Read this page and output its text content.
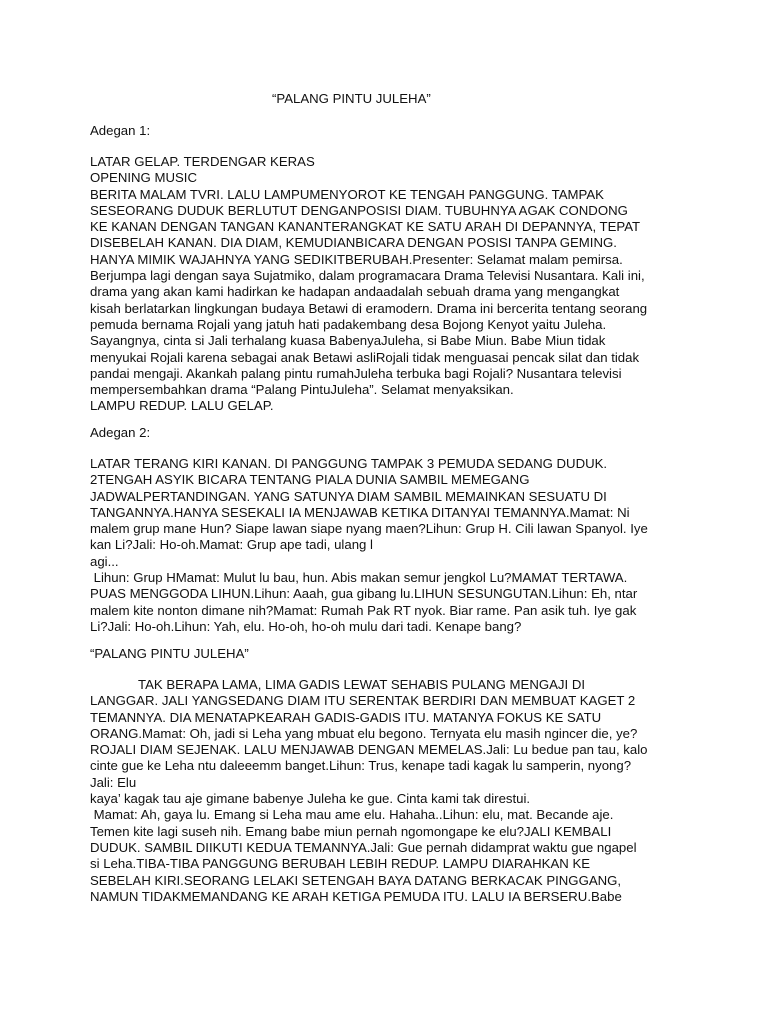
“PALANG PINTU JULEHA”
Adegan 1:
LATAR GELAP. TERDENGAR KERAS
OPENING MUSIC
BERITA MALAM TVRI. LALU LAMPUMENYOROT KE TENGAH PANGGUNG. TAMPAK
SESEORANG DUDUK BERLUTUT DENGANPOSISI DIAM. TUBUHNYA AGAK CONDONG
KE KANAN DENGAN TANGAN KANANTERANGKAT KE SATU ARAH DI DEPANNYA, TEPAT
DISEBELAH KANAN. DIA DIAM, KEMUDIANBICARA DENGAN POSISI TANPA GEMING.
HANYA MIMIK WAJAHNYA YANG SEDIKITBERUBAH.Presenter: Selamat malam pemirsa.
Berjumpa lagi dengan saya Sujatmiko, dalam programacara Drama Televisi Nusantara. Kali ini,
drama yang akan kami hadirkan ke hadapan andaadalah sebuah drama yang mengangkat
kisah berlatarkan lingkungan budaya Betawi di eramodern. Drama ini bercerita tentang seorang
pemuda bernama Rojali yang jatuh hati padakembang desa Bojong Kenyot yaitu Juleha.
Sayangnya, cinta si Jali terhalang kuasa BabenyaJuleha, si Babe Miun. Babe Miun tidak
menyukai Rojali karena sebagai anak Betawi asliRojali tidak menguasai pencak silat dan tidak
pandai mengaji. Akankah palang pintu rumahJuleha terbuka bagi Rojali? Nusantara televisi
mempersembahkan drama “Palang PintuJuleha”. Selamat menyaksikan.
LAMPU REDUP. LALU GELAP.
Adegan 2:
LATAR TERANG KIRI KANAN. DI PANGGUNG TAMPAK 3 PEMUDA SEDANG DUDUK.
2TENGAH ASYIK BICARA TENTANG PIALA DUNIA SAMBIL MEMEGANG
JADWALPERTANDINGAN. YANG SATUNYA DIAM SAMBIL MEMAINKAN SESUATU DI
TANGANNYA.HANYA SESEKALI IA MENJAWAB KETIKA DITANYAI TEMANNYA.Mamat: Ni
malem grup mane Hun? Siape lawan siape nyang maen?Lihun: Grup H. Cili lawan Spanyol. Iye
kan Li?Jali: Ho-oh.Mamat: Grup ape tadi, ulang l
agi...
Lihun: Grup HMamat: Mulut lu bau, hun. Abis makan semur jengkol Lu?MAMAT TERTAWA.
PUAS MENGGODA LIHUN.Lihun: Aaah, gua gibang lu.LIHUN SESUNGUTAN.Lihun: Eh, ntar
malem kite nonton dimane nih?Mamat: Rumah Pak RT nyok. Biar rame. Pan asik tuh. Iye gak
Li?Jali: Ho-oh.Lihun: Yah, elu. Ho-oh, ho-oh mulu dari tadi. Kenape bang?
“PALANG PINTU JULEHA”
TAK BERAPA LAMA, LIMA GADIS LEWAT SEHABIS PULANG MENGAJI DI
LANGGAR. JALI YANGSEDANG DIAM ITU SERENTAK BERDIRI DAN MEMBUAT KAGET 2
TEMANNYA. DIA MENATAPKEARAH GADIS-GADIS ITU. MATANYA FOKUS KE SATU
ORANG.Mamat: Oh, jadi si Leha yang mbuat elu begono. Ternyata elu masih ngincer die, ye?
ROJALI DIAM SEJENAK. LALU MENJAWAB DENGAN MEMELAS.Jali: Lu bedue pan tau, kalo
cinte gue ke Leha ntu daleeemm banget.Lihun: Trus, kenape tadi kagak lu samperin, nyong?
Jali: Elu
kaya’ kagak tau aje gimane babenye Juleha ke gue. Cinta kami tak direstui.
Mamat: Ah, gaya lu. Emang si Leha mau ame elu. Hahaha..Lihun: elu, mat. Becande aje.
Temen kite lagi suseh nih. Emang babe miun pernah ngomongape ke elu?JALI KEMBALI
DUDUK. SAMBIL DIIKUTI KEDUA TEMANNYA.Jali: Gue pernah didamprat waktu gue ngapel
si Leha.TIBA-TIBA PANGGUNG BERUBAH LEBIH REDUP. LAMPU DIARAHKAN KE
SEBELAH KIRI.SEORANG LELAKI SETENGAH BAYA DATANG BERKACAK PINGGANG,
NAMUN TIDAKMEMANDANG KE ARAH KETIGA PEMUDA ITU. LALU IA BERSERU.Babe
